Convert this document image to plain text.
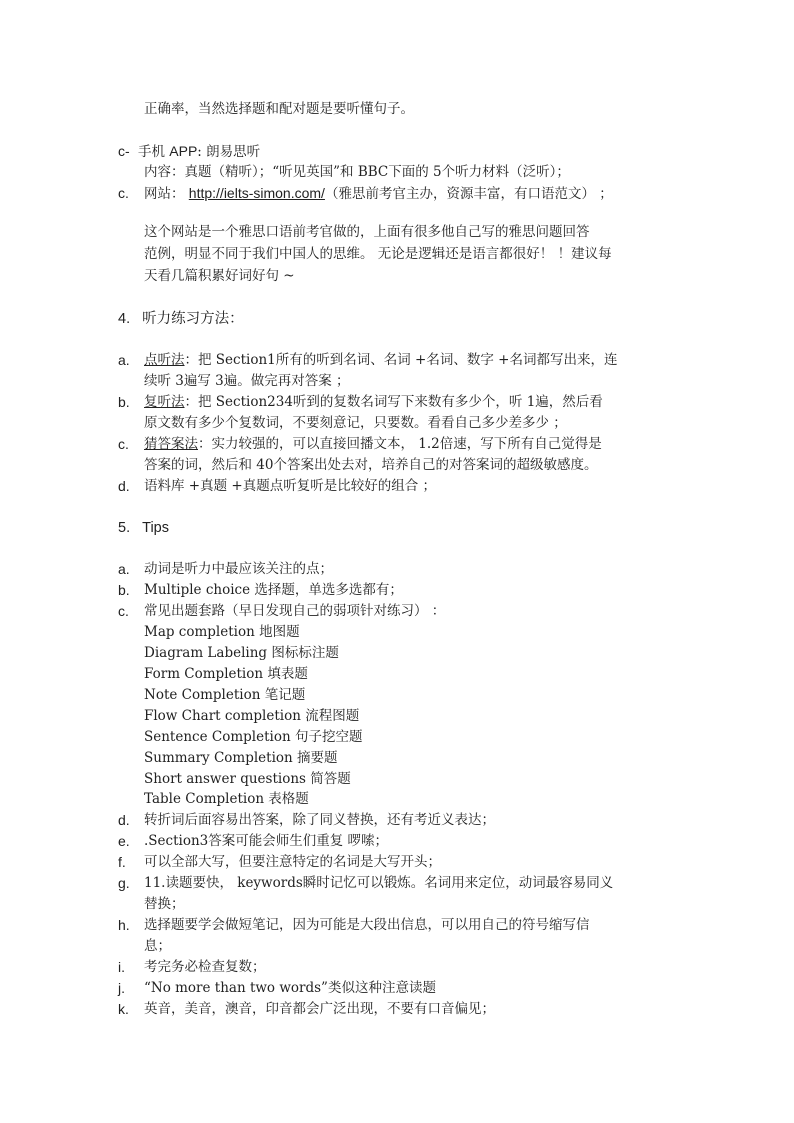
正确率，当然选择题和配对题是要听懂句子。
c- 手机 APP: 朗易思听
内容：真题（精听）；“听见英国”和 BBC下面的 5个听力材料（泛听）；
c.	网站： http://ielts-simon.com/（雅思前考官主办，资源丰富，有口语范文） ；
这个网站是一个雅思口语前考官做的，上面有很多他自己写的雅思问题回答
范例，明显不同于我们中国人的思维。 无论是逻辑还是语言都很好！ ！建议每
天看几篇积累好词好句 ~
4. 听力练习方法：
a.	点听法：把 Section1所有的听到名词、名词 +名词、数字 +名词都写出来，连
续听 3遍写 3遍。做完再对答案 ；
b.	复听法：把 Section234听到的复数名词写下来数有多少个，听 1遍，然后看
原文数有多少个复数词，不要刻意记，只要数。看看自己多少差多少 ；
c.	猜答案法：实力较强的，可以直接回播文本， 1.2倍速，写下所有自己觉得是
答案的词，然后和 40个答案出处去对，培养自己的对答案词的超级敏感度。
d.	语料库 +真题 +真题点听复听是比较好的组合 ；
5. Tips
a.	动词是听力中最应该关注的点；
b.	Multiple choice 选择题，单选多选都有；
c.	常见出题套路（早日发现自己的弱项针对练习） ：
Map completion 地图题
Diagram Labeling 图标标注题
Form Completion 填表题
Note Completion 笔记题
Flow Chart completion 流程图题
Sentence Completion 句子挖空题
Summary Completion 摘要题
Short answer questions 简答题
Table Completion 表格题
d.	转折词后面容易出答案，除了同义替换，还有考近义表达；
e.	.Section3答案可能会师生们重复 啰嗦；
f.	可以全部大写，但要注意特定的名词是大写开头；
g.	11.读题要快， keywords瞬时记忆可以锻炼。名词用来定位，动词最容易同义
替换；
h.	选择题要学会做短笔记，因为可能是大段出信息，可以用自己的符号缩写信
息；
i.	考完务必检查复数；
j.	“No more than two words”类似这种注意读题
k.	英音，美音，澳音，印音都会广泛出现，不要有口音偏见；
